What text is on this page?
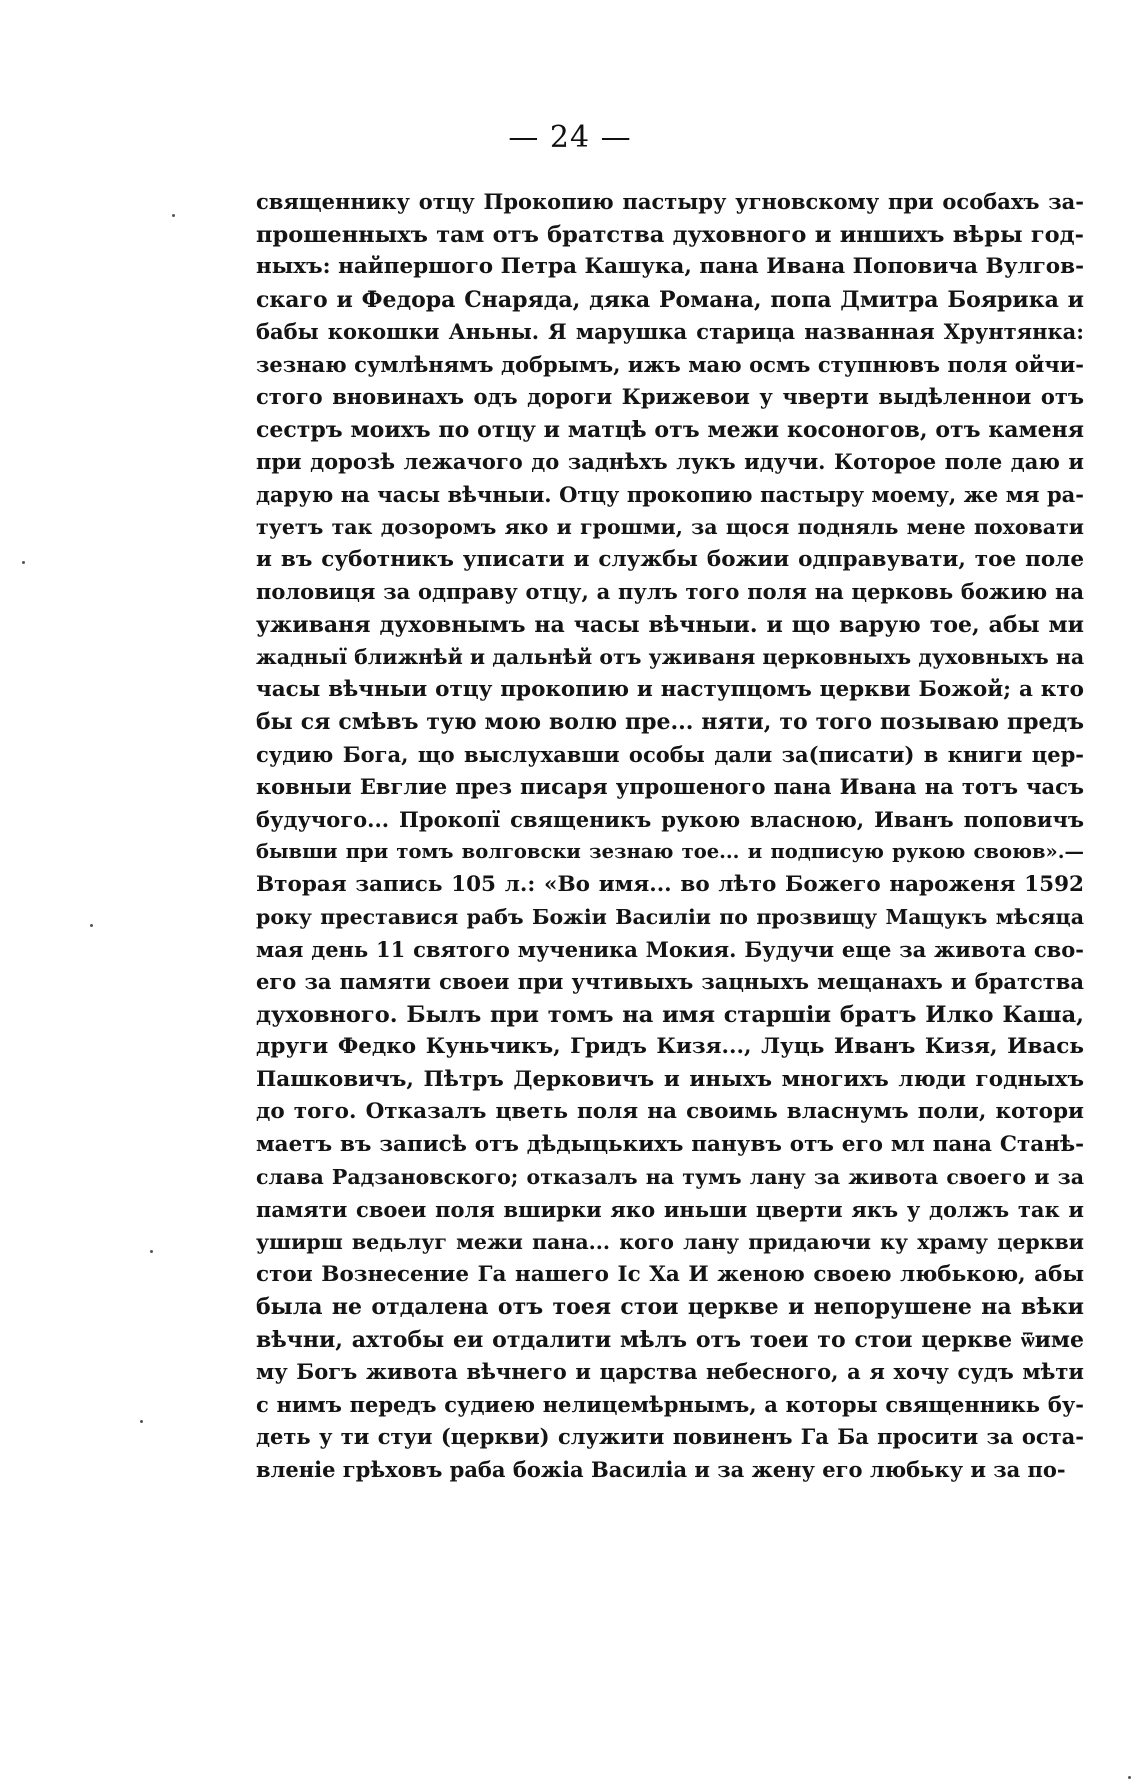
— 24 —
священнику отцу Прокопию пастыру угновскому при особахъ за-
прошенныхъ там отъ братства духовного и иншихъ вѣры год-
ныхъ: найпершого Петра Кашука, пана Ивана Поповича Вулгов-
скаго и Федора Снаряда, дяка Романа, попа Дмитра Боярика и
бабы кокошки Аньны. Я марушка старица названная Хрунтянка:
зезнаю сумлѣнямъ добрымъ, ижъ маю осмъ ступнювъ поля ойчи-
стого вновинахъ одъ дороги Крижевои у чверти выдѣленнои отъ
сестръ моихъ по отцу и матцѣ отъ межи косоногов, отъ каменя
при дорозѣ лежачого до заднѣхъ лукъ идучи. Которое поле даю и
дарую на часы вѣчныи. Отцу прокопию пастыру моему, же мя ра-
туетъ так дозоромъ яко и грошми, за щося подняль мене поховати
и въ суботникъ уписати и службы божии одправувати, тое поле
половиця за одправу отцу, а пулъ того поля на церковь божию на
уживаня духовнымъ на часы вѣчныи. и що варую тое, абы ми
жадныї ближнѣй и дальнѣй отъ уживаня церковныхъ духовныхъ на
часы вѣчныи отцу прокопию и наступцомъ церкви Божой; а кто
бы ся смѣвъ тую мою волю пре... няти, то того позываю предъ
судию Бога, що выслухавши особы дали за(писати) в книги цер-
ковныи Евглие през писаря упрошеного пана Ивана на тотъ часъ
будучого... Прокопї священикъ рукою власною, Иванъ поповичъ
бывши при томъ волговски зезнаю тое... и подписую рукою своюв».—
Вторая запись 105 л.: «Во имя... во лѣто Божего нароженя 1592
року преставися рабъ Божіи Василіи по прозвищу Мащукъ мѣсяца
мая день 11 святого мученика Мокия. Будучи еще за живота сво-
его за памяти своеи при учтивыхъ зацныхъ мещанахъ и братства
духовного. Былъ при томъ на имя старшіи братъ Илко Каша,
други Федко Куньчикъ, Гридъ Кизя..., Луць Иванъ Кизя, Ивась
Пашковичъ, Пѣтръ Дерковичъ и иныхъ многихъ люди годныхъ
до того. Отказалъ цветь поля на своимь власнумъ поли, котори
маетъ въ записѣ отъ дѣдыцькихъ панувъ отъ его мл пана Станѣ-
слава Радзановского; отказалъ на тумъ лану за живота своего и за
памяти своеи поля вширки яко иньши цверти якъ у должъ так и
уширш ведьлуг межи пана... кого лану придаючи ку храму церкви
стои Вознесение Га нашего Іс Ха И женою своею любькою, абы
была не отдалена отъ тоея стои церкве и непорушене на вѣки
вѣчни, ахтобы еи отдалити мѣлъ отъ тоеи то стои церкве ѿиме
му Богъ живота вѣчнего и царства небесного, а я хочу судъ мѣти
с нимъ передъ судиею нелицемѣрнымъ, а которы священникь бу-
деть у ти стуи (церкви) служити повиненъ Га Ба просити за оста-
вленіе грѣховъ раба божіа Василіа и за жену его любьку и за по-
